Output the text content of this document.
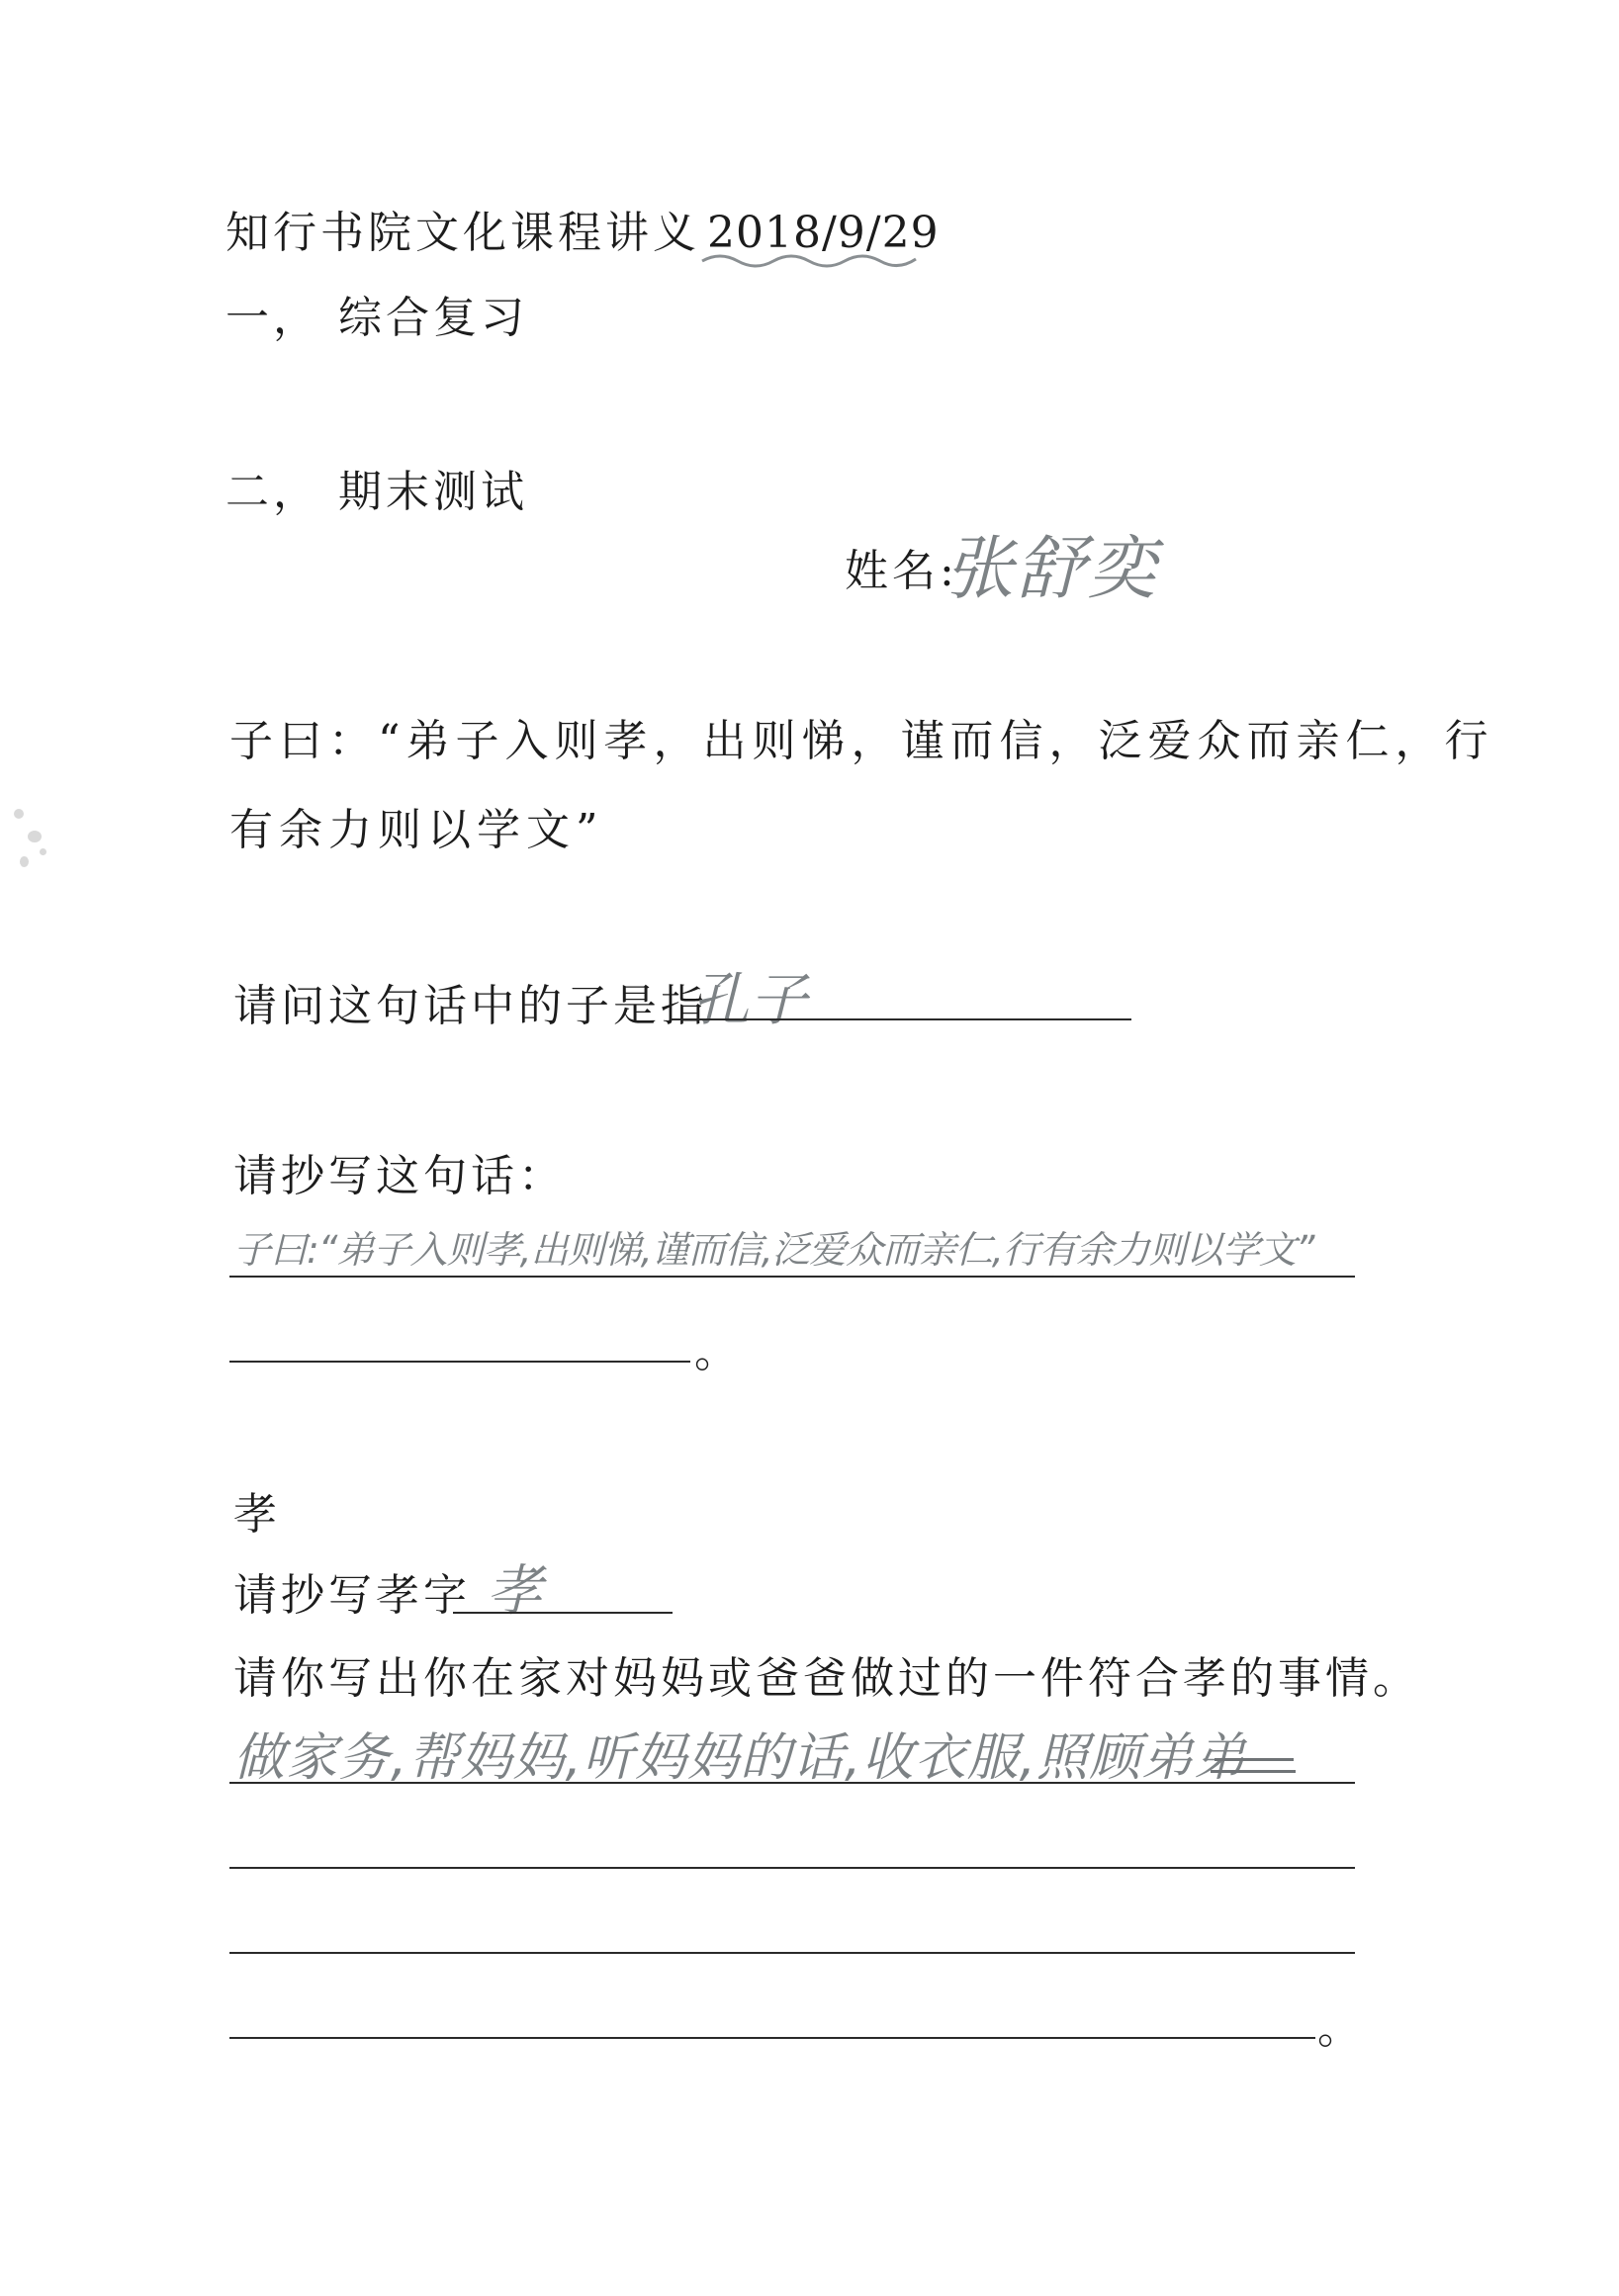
知行书院文化课程讲义 2018/9/29
一， 综合复习
二， 期末测试
姓名:
张舒奕
子曰：“弟子入则孝，出则悌，谨而信，泛爱众而亲仁，行
有余力则以学文”
请问这句话中的子是指
孔子
请抄写这句话：
子曰:“弟子入则孝,出则悌,谨而信,泛爱众而亲仁,行有余力则以学文”
。
孝
请抄写孝字 孝
请你写出你在家对妈妈或爸爸做过的一件符合孝的事情。
做家务,帮妈妈,听妈妈的话,收衣服,照顾弟弟
。
